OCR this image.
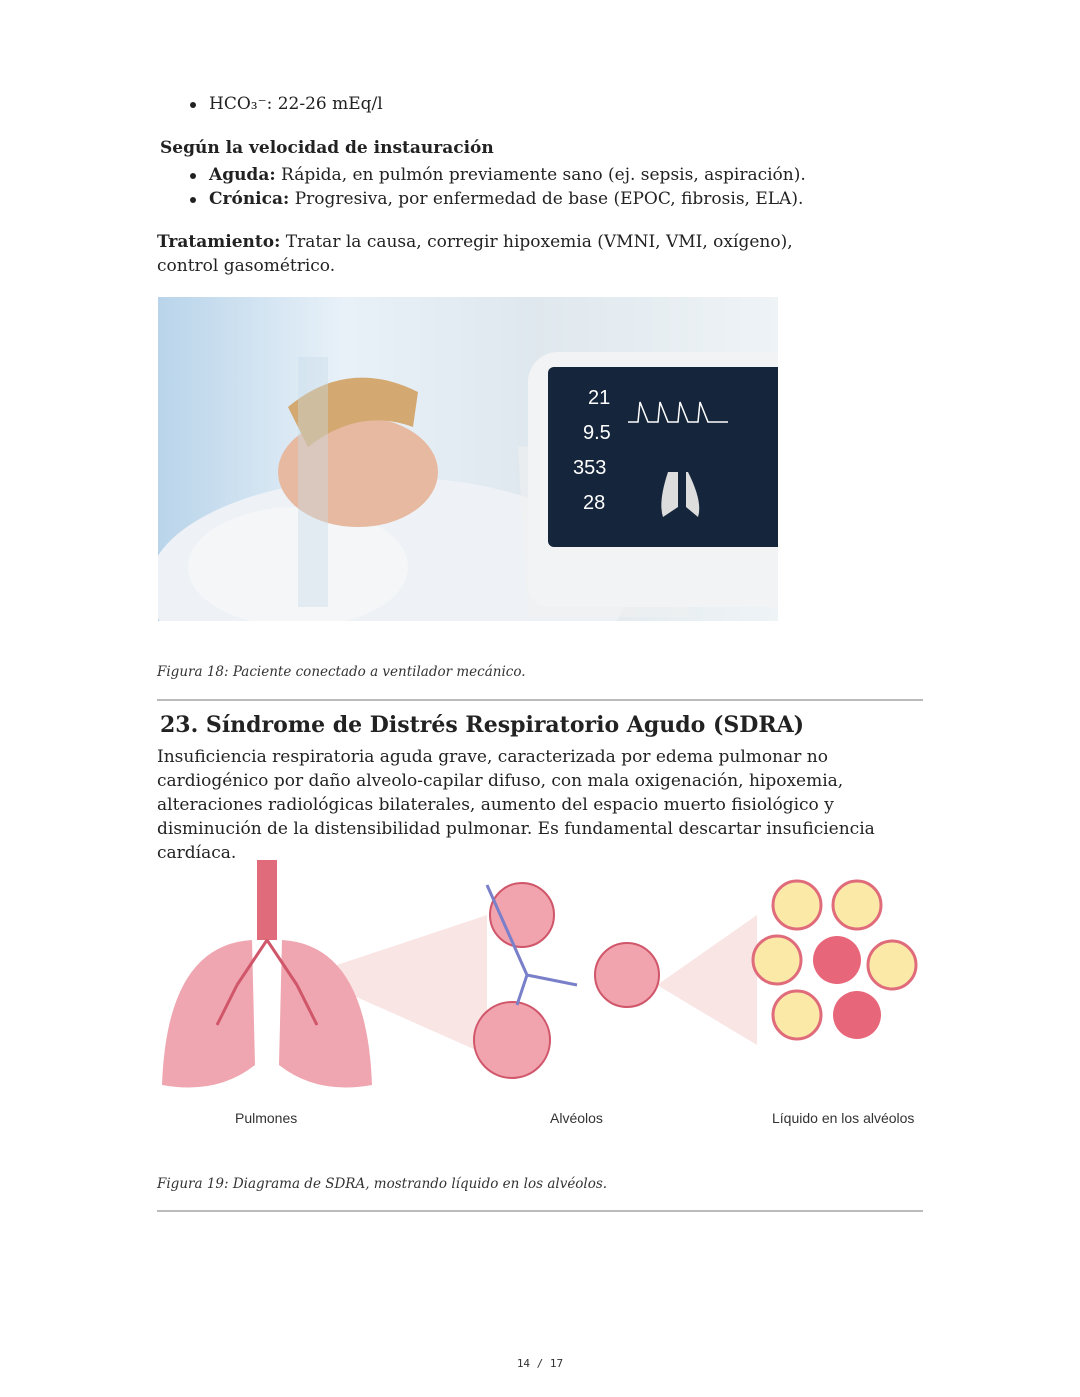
HCO₃⁻: 22-26 mEq/l
Según la velocidad de instauración
Aguda: Rápida, en pulmón previamente sano (ej. sepsis, aspiración).
Crónica: Progresiva, por enfermedad de base (EPOC, fibrosis, ELA).
Tratamiento: Tratar la causa, corregir hipoxemia (VMNI, VMI, oxígeno), control gasométrico.
21
9.5
353
28
Figura 18: Paciente conectado a ventilador mecánico.
23. Síndrome de Distrés Respiratorio Agudo (SDRA)
Insuficiencia respiratoria aguda grave, caracterizada por edema pulmonar no cardiogénico por daño alveolo-capilar difuso, con mala oxigenación, hipoxemia, alteraciones radiológicas bilaterales, aumento del espacio muerto fisiológico y disminución de la distensibilidad pulmonar. Es fundamental descartar insuficiencia cardíaca.
Pulmones	Alvéolos	Líquido en los alvéolos
Figura 19: Diagrama de SDRA, mostrando líquido en los alvéolos.
14 / 17
